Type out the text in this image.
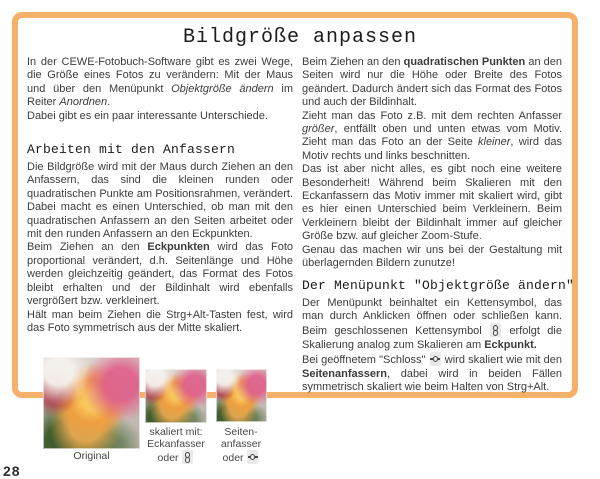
Bildgröße anpassen

In der CEWE-Fotobuch-Software gibt es zwei Wege, die Größe eines Fotos zu verändern: Mit der Maus und über den Menüpunkt Objektgröße ändern im Reiter Anordnen.

Dabei gibt es ein paar interessante Unterschiede.

Arbeiten mit den Anfassern

Die Bildgröße wird mit der Maus durch Ziehen an den Anfassern, das sind die kleinen runden oder quadratischen Punkte am Positionsrahmen, verändert. Dabei macht es einen Unterschied, ob man mit den quadratischen Anfassern an den Seiten arbeitet oder mit den runden Anfassern an den Eckpunkten.

Beim Ziehen an den Eckpunkten wird das Foto proportional verändert, d.h. Seitenlänge und Höhe werden gleichzeitig geändert, das Format des Fotos bleibt erhalten und der Bildinhalt wird ebenfalls vergrößert bzw. verkleinert.

Hält man beim Ziehen die Strg+Alt-Tasten fest, wird das Foto symmetrisch aus der Mitte skaliert.

Beim Ziehen an den quadratischen Punkten an den Seiten wird nur die Höhe oder Breite des Fotos geändert. Dadurch ändert sich das Format des Fotos und auch der Bildinhalt.

Zieht man das Foto z.B. mit dem rechten Anfasser größer, entfällt oben und unten etwas vom Motiv. Zieht man das Foto an der Seite kleiner, wird das Motiv rechts und links beschnitten.

Das ist aber nicht alles, es gibt noch eine weitere Besonderheit! Während beim Skalieren mit den Eckanfassern das Motiv immer mit skaliert wird, gibt es hier einen Unterschied beim Verkleinern. Beim Verkleinern bleibt der Bildinhalt immer auf gleicher Größe bzw. auf gleicher Zoom-Stufe.

Genau das machen wir uns bei der Gestaltung mit überlagernden Bildern zunutze!

Der Menüpunkt "Objektgröße ändern"

Der Menüpunkt beinhaltet ein Kettensymbol, das man durch Anklicken öffnen oder schließen kann. Beim geschlossenen Kettensymbol
erfolgt die Skalierung analog zum Skalieren am Eckpunkt.

Bei geöffnetem "Schloss"
wird skaliert wie mit den Seitenanfassern, dabei wird in beiden Fällen symmetrisch skaliert wie beim Halten von Strg+Alt.

Original
skaliert mit:
Eckanfasser
oder
Seiten-
anfasser
oder
28
